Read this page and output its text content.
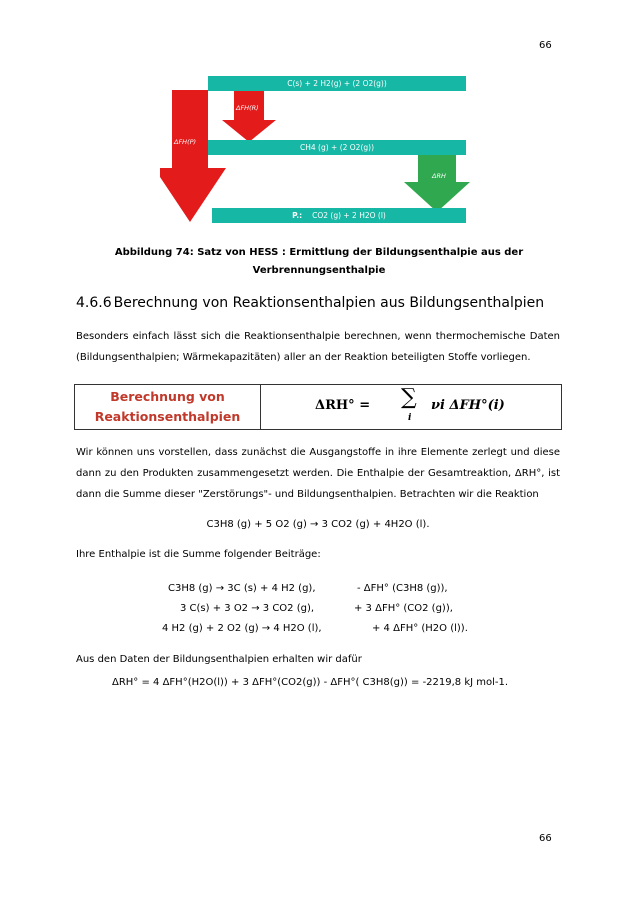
66
C(s) + 2 H2(g) + (2 O2(g))
CH4 (g) + (2 O2(g))
P.: CO2 (g) + 2 H2O (l)
ΔFH(P)
ΔFH(R)
ΔRH
Abbildung 74: Satz von HESS : Ermittlung der Bildungsenthalpie aus der
Verbrennungsenthalpie
4.6.6 Berechnung von Reaktionsenthalpien aus Bildungsenthalpien
Besonders einfach lässt sich die Reaktionsenthalpie berechnen, wenn thermochemische Daten (Bildungsenthalpien; Wärmekapazitäten) aller an der Reaktion beteiligten Stoffe vorliegen.
Berechnung von
Reaktionsenthalpien
ΔRH° = ∑
i
νi ΔFH°(i)
Wir können uns vorstellen, dass zunächst die Ausgangstoffe in ihre Elemente zerlegt und diese dann zu den Produkten zusammengesetzt werden. Die Enthalpie der Gesamtreaktion, ΔRH°, ist dann die Summe dieser "Zerstörungs"- und Bildungsenthalpien. Betrachten wir die Reaktion
C3H8 (g) + 5 O2 (g) → 3 CO2 (g) + 4H2O (l).
Ihre Enthalpie ist die Summe folgender Beiträge:
C3H8 (g) → 3C (s) + 4 H2 (g),	- ΔFH° (C3H8 (g)),
3 C(s) + 3 O2 → 3 CO2 (g),	+ 3 ΔFH° (CO2 (g)),
4 H2 (g) + 2 O2 (g) → 4 H2O (l),	+ 4 ΔFH° (H2O (l)).
Aus den Daten der Bildungsenthalpien erhalten wir dafür
ΔRH° = 4 ΔFH°(H2O(l)) + 3 ΔFH°(CO2(g)) - ΔFH°( C3H8(g)) = -2219,8 kJ mol-1.
66
